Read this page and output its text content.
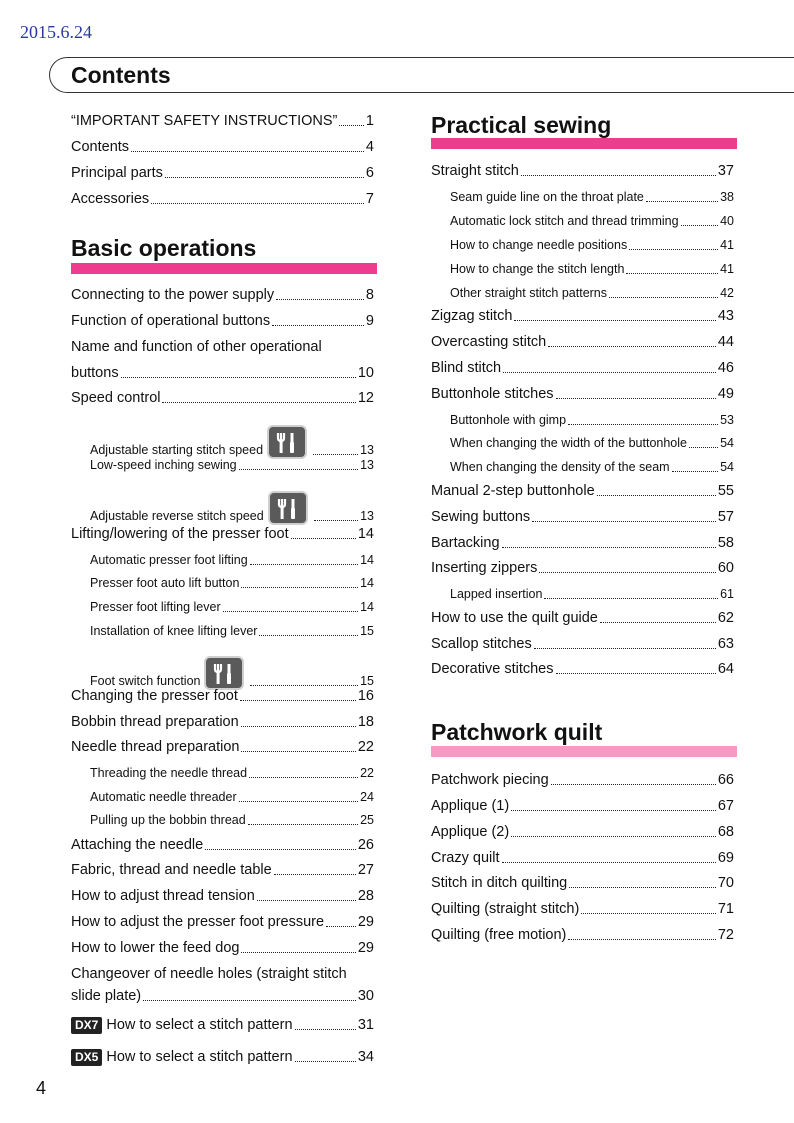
2015.6.24
Contents
“IMPORTANT SAFETY INSTRUCTIONS” 1
Contents	4
Principal parts	6
Accessories	7
Basic operations
Connecting to the power supply	8
Function of operational buttons	9
Name and function of other operational
buttons	10
Speed control	12
Adjustable starting stitch speed	13
Low-speed inching sewing	13
Adjustable reverse stitch speed	13
Lifting/lowering of the presser foot	14
Automatic presser foot lifting	14
Presser foot auto lift button	14
Presser foot lifting lever	14
Installation of knee lifting lever	15
Foot switch function	15
Changing the presser foot	16
Bobbin thread preparation	18
Needle thread preparation	22
Threading the needle thread	22
Automatic needle threader	24
Pulling up the bobbin thread	25
Attaching the needle	26
Fabric, thread and needle table	27
How to adjust thread tension	28
How to adjust the presser foot pressure 29
How to lower the feed dog	29
Changeover of needle holes (straight stitch
slide plate)	30
DX7 How to select a stitch pattern	31
DX5 How to select a stitch pattern	34
Practical sewing
Straight stitch	37
Seam guide line on the throat plate	38
Automatic lock stitch and thread trimming	40
How to change needle positions	41
How to change the stitch length	41
Other straight stitch patterns	42
Zigzag stitch	43
Overcasting stitch	44
Blind stitch	46
Buttonhole stitches	49
Buttonhole with gimp	53
When changing the width of the buttonhole	54
When changing the density of the seam	54
Manual 2-step buttonhole	55
Sewing buttons	57
Bartacking	58
Inserting zippers	60
Lapped insertion	61
How to use the quilt guide	62
Scallop stitches	63
Decorative stitches	64
Patchwork quilt
Patchwork piecing	66
Applique (1)	67
Applique (2)	68
Crazy quilt	69
Stitch in ditch quilting	70
Quilting (straight stitch)	71
Quilting (free motion)	72
4
